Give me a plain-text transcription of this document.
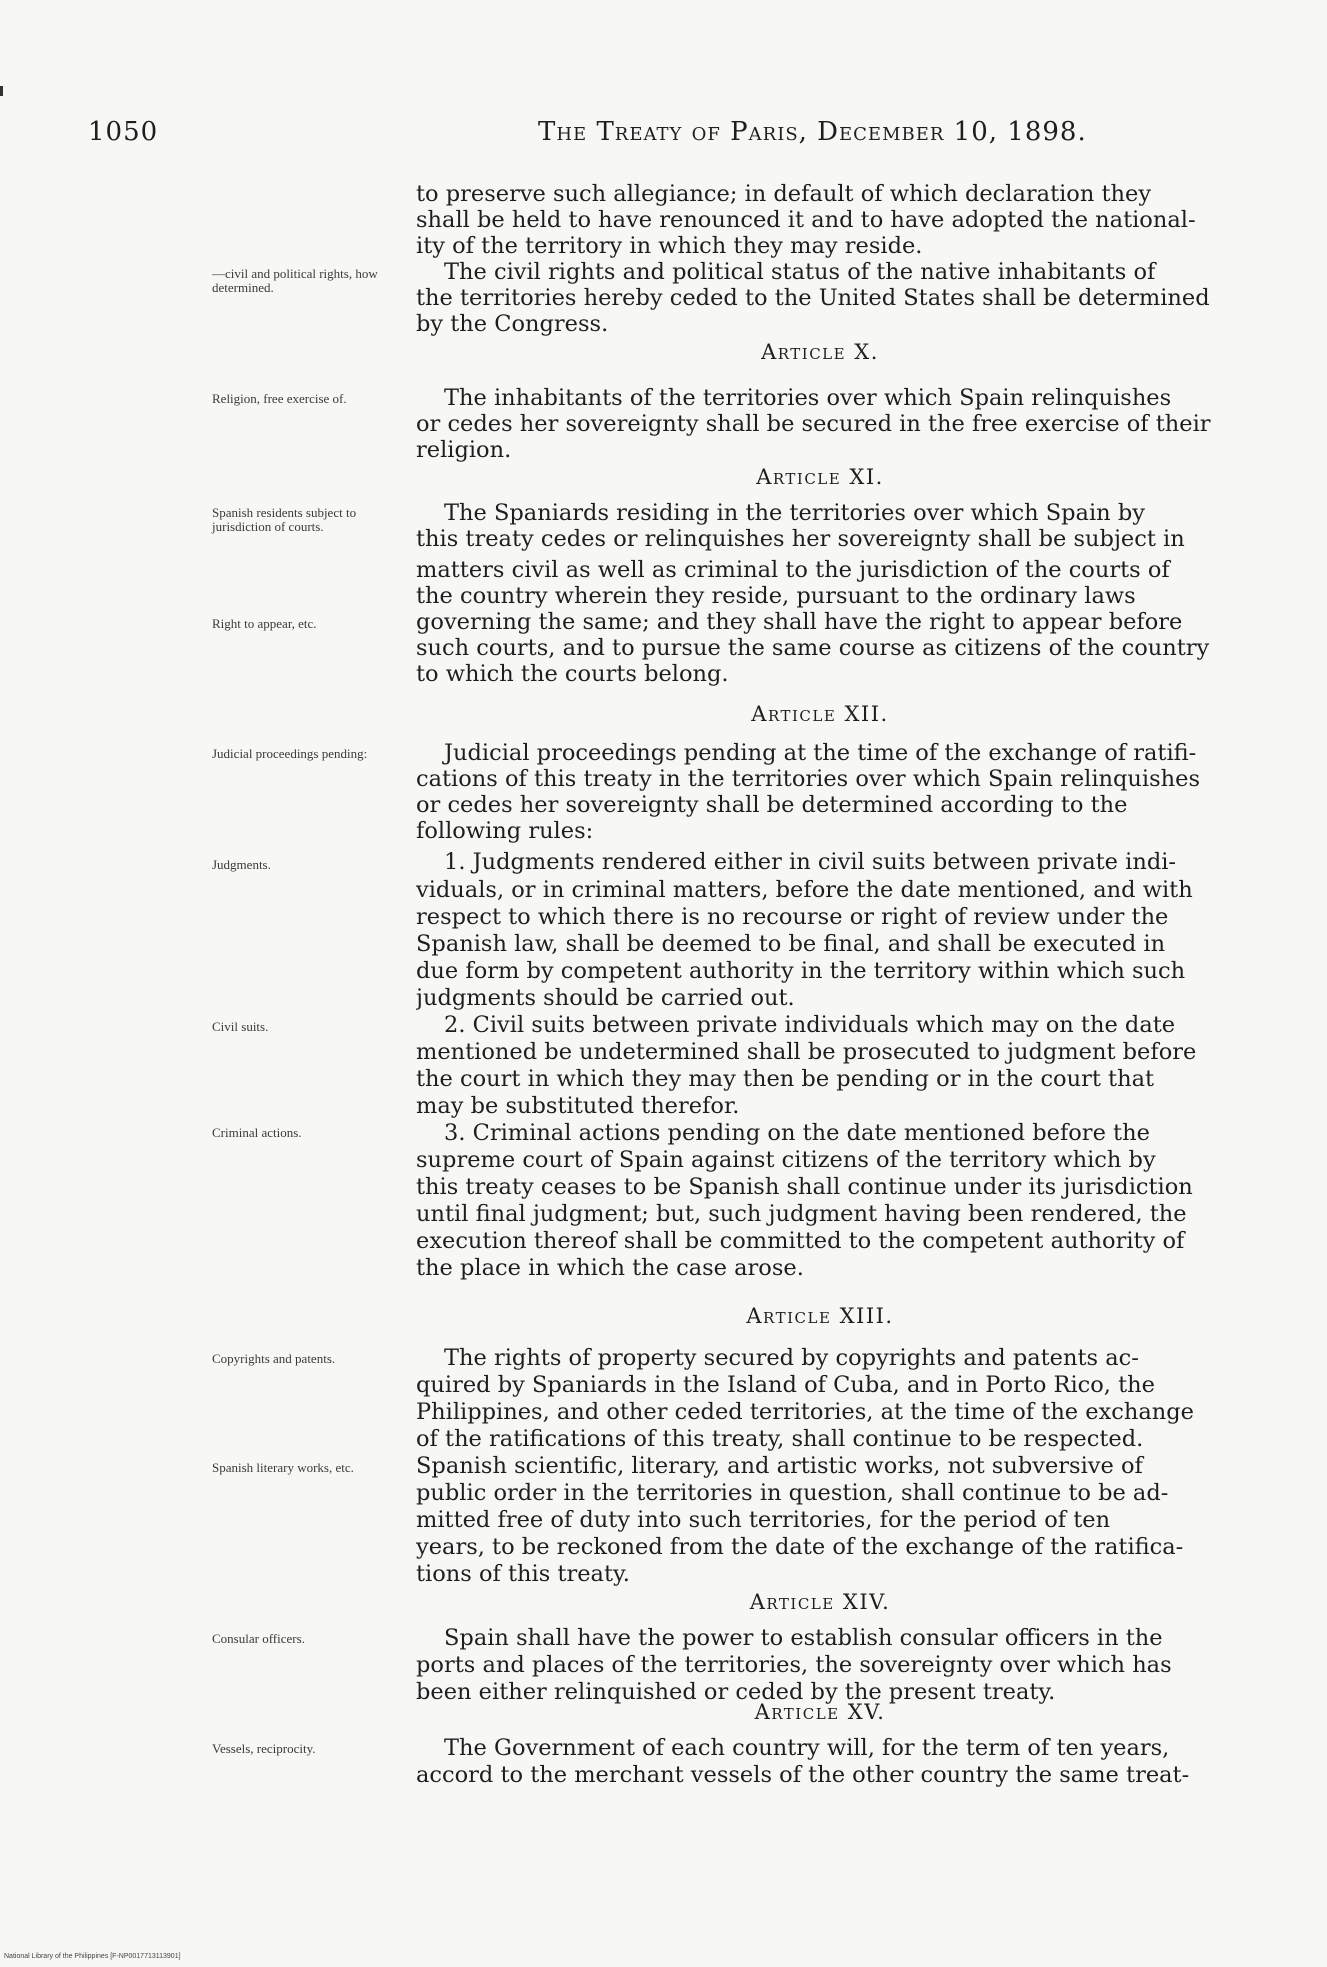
1050	The Treaty of Paris, December 10, 1898.
—civil and political rights, how determined.
Religion, free exercise of.
Spanish residents subject to jurisdiction of courts.
Right to appear, etc.
Judicial proceedings pending:
Judgments.
Civil suits.
Criminal actions.
Copyrights and patents.
Spanish literary works, etc.
Consular officers.
Vessels, reciprocity.
Article X.
Article XI.
Article XII.
Article XIII.
Article XIV.
Article XV.
to preserve such allegiance; in default of which declaration they
shall be held to have renounced it and to have adopted the national-
ity of the territory in which they may reside.
The civil rights and political status of the native inhabitants of
the territories hereby ceded to the United States shall be determined
by the Congress.
The inhabitants of the territories over which Spain relinquishes
or cedes her sovereignty shall be secured in the free exercise of their
religion.
The Spaniards residing in the territories over which Spain by
this treaty cedes or relinquishes her sovereignty shall be subject in
matters civil as well as criminal to the jurisdiction of the courts of
the country wherein they reside, pursuant to the ordinary laws
governing the same; and they shall have the right to appear before
such courts, and to pursue the same course as citizens of the country
to which the courts belong.
Judicial proceedings pending at the time of the exchange of ratifi-
cations of this treaty in the territories over which Spain relinquishes
or cedes her sovereignty shall be determined according to the
following rules:
1. Judgments rendered either in civil suits between private indi-
viduals, or in criminal matters, before the date mentioned, and with
respect to which there is no recourse or right of review under the
Spanish law, shall be deemed to be final, and shall be executed in
due form by competent authority in the territory within which such
judgments should be carried out.
2. Civil suits between private individuals which may on the date
mentioned be undetermined shall be prosecuted to judgment before
the court in which they may then be pending or in the court that
may be substituted therefor.
3. Criminal actions pending on the date mentioned before the
supreme court of Spain against citizens of the territory which by
this treaty ceases to be Spanish shall continue under its jurisdiction
until final judgment; but, such judgment having been rendered, the
execution thereof shall be committed to the competent authority of
the place in which the case arose.
The rights of property secured by copyrights and patents ac-
quired by Spaniards in the Island of Cuba, and in Porto Rico, the
Philippines, and other ceded territories, at the time of the exchange
of the ratifications of this treaty, shall continue to be respected.
Spanish scientific, literary, and artistic works, not subversive of
public order in the territories in question, shall continue to be ad-
mitted free of duty into such territories, for the period of ten
years, to be reckoned from the date of the exchange of the ratifica-
tions of this treaty.
Spain shall have the power to establish consular officers in the
ports and places of the territories, the sovereignty over which has
been either relinquished or ceded by the present treaty.
The Government of each country will, for the term of ten years,
accord to the merchant vessels of the other country the same treat-
National Library of the Philippines [F-NP0017713113901]
